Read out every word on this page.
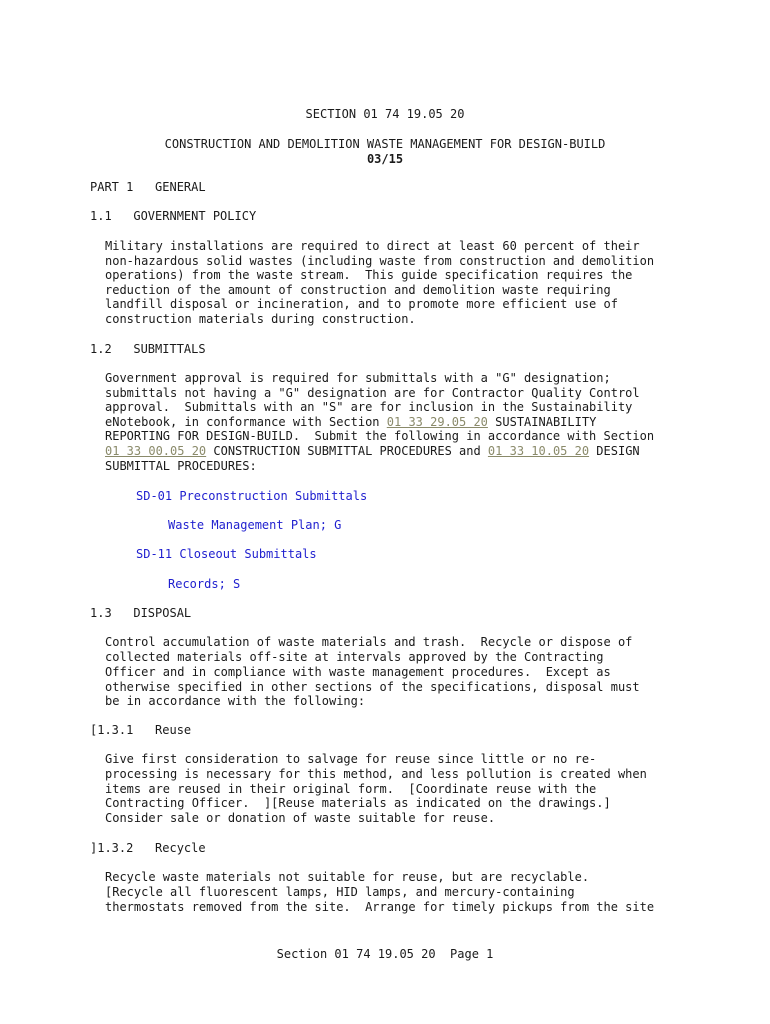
SECTION 01 74 19.05 20
CONSTRUCTION AND DEMOLITION WASTE MANAGEMENT FOR DESIGN-BUILD
03/15
PART 1   GENERAL
1.1   GOVERNMENT POLICY
Military installations are required to direct at least 60 percent of their
non-hazardous solid wastes (including waste from construction and demolition
operations) from the waste stream.  This guide specification requires the
reduction of the amount of construction and demolition waste requiring
landfill disposal or incineration, and to promote more efficient use of
construction materials during construction.
1.2   SUBMITTALS
Government approval is required for submittals with a "G" designation;
submittals not having a "G" designation are for Contractor Quality Control
approval.  Submittals with an "S" are for inclusion in the Sustainability
eNotebook, in conformance with Section 01 33 29.05 20 SUSTAINABILITY
REPORTING FOR DESIGN-BUILD.  Submit the following in accordance with Section
01 33 00.05 20 CONSTRUCTION SUBMITTAL PROCEDURES and 01 33 10.05 20 DESIGN
SUBMITTAL PROCEDURES:
SD-01 Preconstruction Submittals
Waste Management Plan; G
SD-11 Closeout Submittals
Records; S
1.3   DISPOSAL
Control accumulation of waste materials and trash.  Recycle or dispose of
collected materials off-site at intervals approved by the Contracting
Officer and in compliance with waste management procedures.  Except as
otherwise specified in other sections of the specifications, disposal must
be in accordance with the following:
[1.3.1   Reuse
Give first consideration to salvage for reuse since little or no re-
processing is necessary for this method, and less pollution is created when
items are reused in their original form.  [Coordinate reuse with the
Contracting Officer.  ][Reuse materials as indicated on the drawings.]
Consider sale or donation of waste suitable for reuse.
]1.3.2   Recycle
Recycle waste materials not suitable for reuse, but are recyclable.
[Recycle all fluorescent lamps, HID lamps, and mercury-containing
thermostats removed from the site.  Arrange for timely pickups from the site
Section 01 74 19.05 20  Page 1
